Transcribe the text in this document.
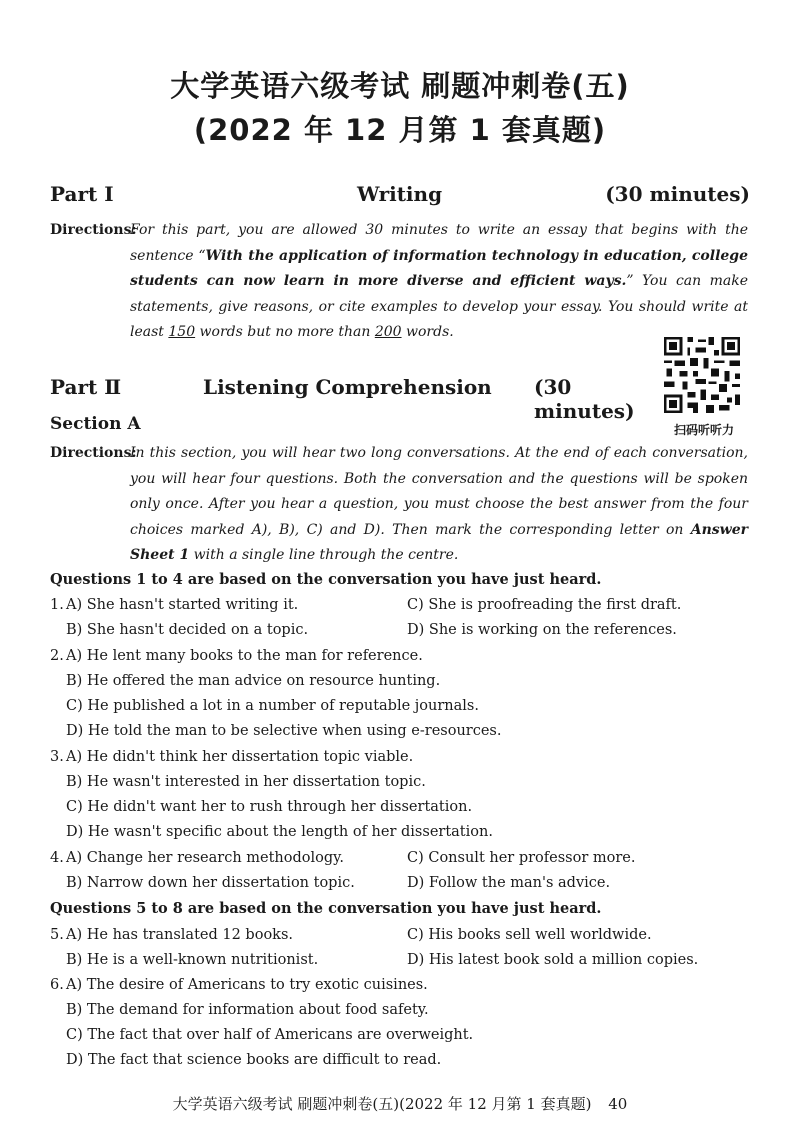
大学英语六级考试 刷题冲刺卷(五)
(2022 年 12 月第 1 套真题)
Part Ⅰ	Writing	(30 minutes)
Directions:
For this part, you are allowed 30 minutes to write an essay that begins with the sentence “With the application of information technology in education, college students can now learn in more diverse and efficient ways.” You can make statements, give reasons, or cite examples to develop your essay. You should write at least 150 words but no more than 200 words.
Part Ⅱ	Listening Comprehension (30 minutes)
扫码听听力
Section A
Directions:
In this section, you will hear two long conversations. At the end of each conversation, you will hear four questions. Both the conversation and the questions will be spoken only once. After you hear a question, you must choose the best answer from the four choices marked A), B), C) and D). Then mark the corresponding letter on Answer Sheet 1 with a single line through the centre.
Questions 1 to 4 are based on the conversation you have just heard.
1. A) She hasn't started writing it.	C) She is proofreading the first draft.
B) She hasn't decided on a topic.	D) She is working on the references.
2. A) He lent many books to the man for reference.
B) He offered the man advice on resource hunting.
C) He published a lot in a number of reputable journals.
D) He told the man to be selective when using e-resources.
3. A) He didn't think her dissertation topic viable.
B) He wasn't interested in her dissertation topic.
C) He didn't want her to rush through her dissertation.
D) He wasn't specific about the length of her dissertation.
4. A) Change her research methodology.	C) Consult her professor more.
B) Narrow down her dissertation topic.	D) Follow the man's advice.
Questions 5 to 8 are based on the conversation you have just heard.
5. A) He has translated 12 books.	C) His books sell well worldwide.
B) He is a well-known nutritionist.	D) His latest book sold a million copies.
6. A) The desire of Americans to try exotic cuisines.
B) The demand for information about food safety.
C) The fact that over half of Americans are overweight.
D) The fact that science books are difficult to read.
大学英语六级考试 刷题冲刺卷(五)(2022 年 12 月第 1 套真题) 40
